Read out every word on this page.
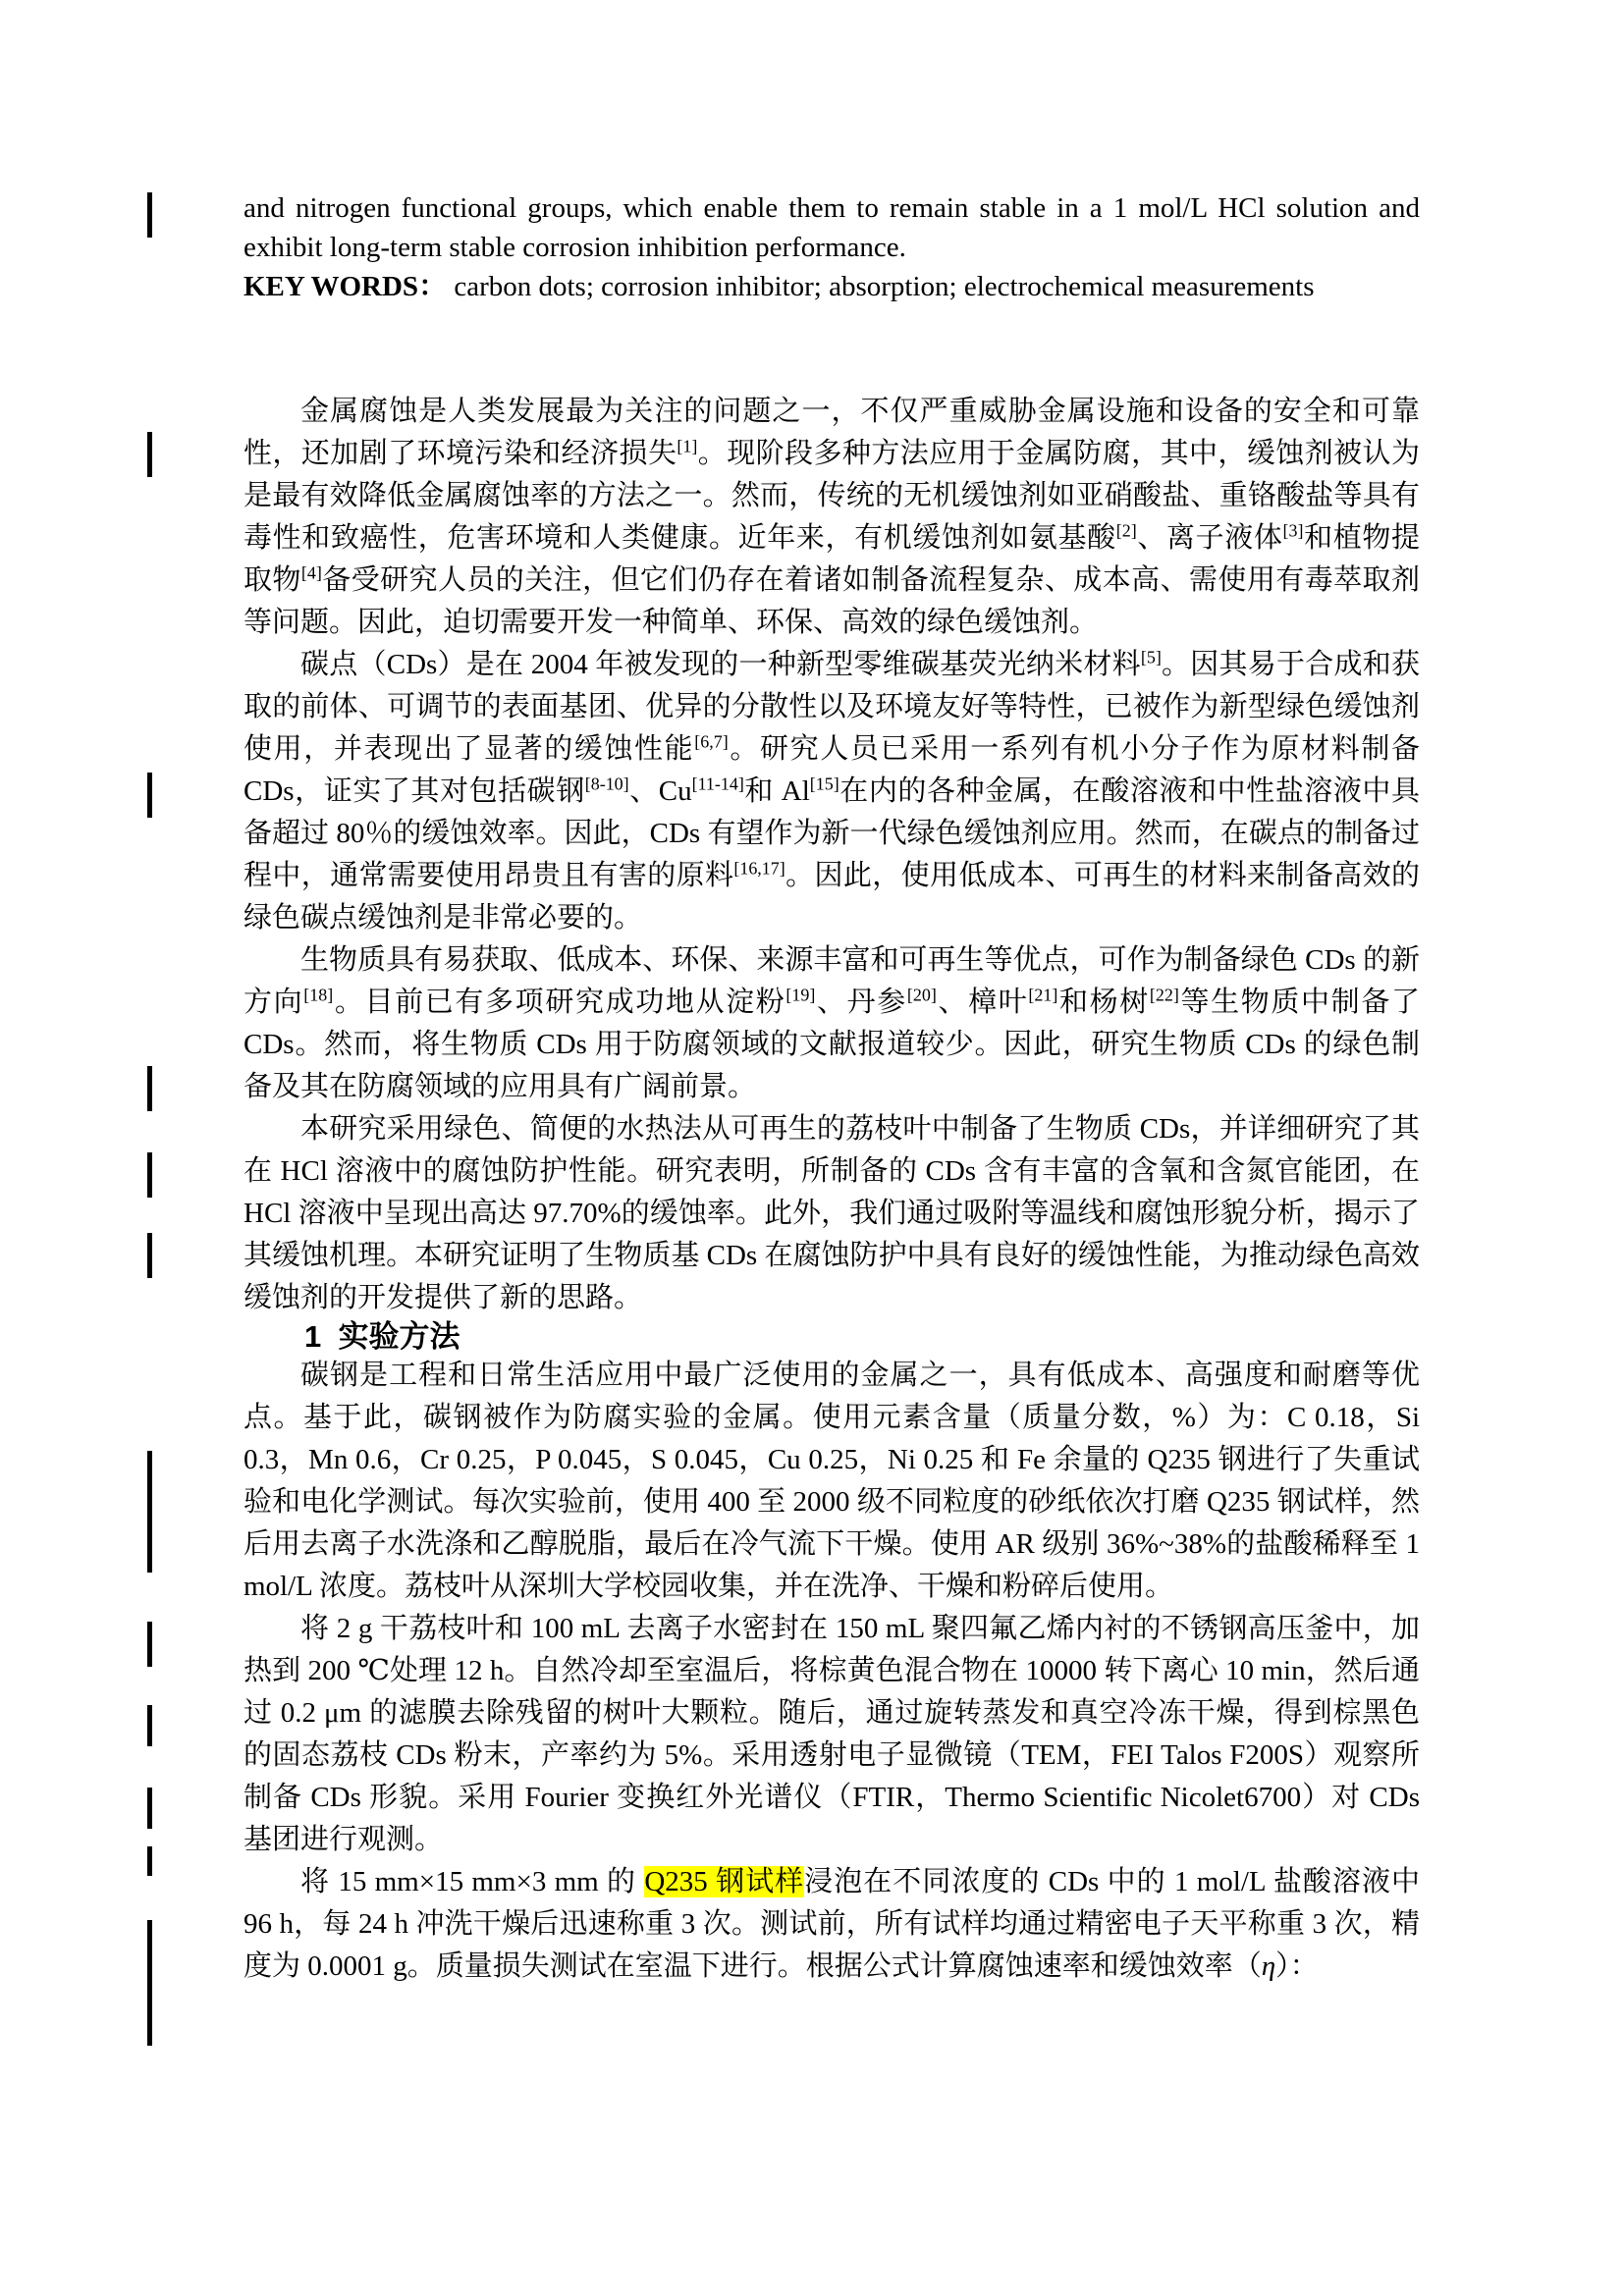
and nitrogen functional groups, which enable them to remain stable in a 1 mol/L HCl solution and exhibit long-term stable corrosion inhibition performance.

KEY WORDS： carbon dots; corrosion inhibitor; absorption; electrochemical measurements

金属腐蚀是人类发展最为关注的问题之一，不仅严重威胁金属设施和设备的安全和可靠性，还加剧了环境污染和经济损失[1]。现阶段多种方法应用于金属防腐，其中，缓蚀剂被认为是最有效降低金属腐蚀率的方法之一。然而，传统的无机缓蚀剂如亚硝酸盐、重铬酸盐等具有毒性和致癌性，危害环境和人类健康。近年来，有机缓蚀剂如氨基酸[2]、离子液体[3]和植物提取物[4]备受研究人员的关注，但它们仍存在着诸如制备流程复杂、成本高、需使用有毒萃取剂等问题。因此，迫切需要开发一种简单、环保、高效的绿色缓蚀剂。

碳点（CDs）是在 2004 年被发现的一种新型零维碳基荧光纳米材料[5]。因其易于合成和获取的前体、可调节的表面基团、优异的分散性以及环境友好等特性，已被作为新型绿色缓蚀剂使用，并表现出了显著的缓蚀性能[6,7]。研究人员已采用一系列有机小分子作为原材料制备 CDs，证实了其对包括碳钢[8-10]、Cu[11-14]和 Al[15]在内的各种金属，在酸溶液和中性盐溶液中具备超过 80％的缓蚀效率。因此，CDs 有望作为新一代绿色缓蚀剂应用。然而，在碳点的制备过程中，通常需要使用昂贵且有害的原料[16,17]。因此，使用低成本、可再生的材料来制备高效的绿色碳点缓蚀剂是非常必要的。

生物质具有易获取、低成本、环保、来源丰富和可再生等优点，可作为制备绿色 CDs 的新方向[18]。目前已有多项研究成功地从淀粉[19]、丹参[20]、樟叶[21]和杨树[22]等生物质中制备了 CDs。然而，将生物质 CDs 用于防腐领域的文献报道较少。因此，研究生物质 CDs 的绿色制备及其在防腐领域的应用具有广阔前景。

本研究采用绿色、简便的水热法从可再生的荔枝叶中制备了生物质 CDs，并详细研究了其在 HCl 溶液中的腐蚀防护性能。研究表明，所制备的 CDs 含有丰富的含氧和含氮官能团，在 HCl 溶液中呈现出高达 97.70%的缓蚀率。此外，我们通过吸附等温线和腐蚀形貌分析，揭示了其缓蚀机理。本研究证明了生物质基 CDs 在腐蚀防护中具有良好的缓蚀性能，为推动绿色高效缓蚀剂的开发提供了新的思路。

1  实验方法

碳钢是工程和日常生活应用中最广泛使用的金属之一，具有低成本、高强度和耐磨等优点。基于此，碳钢被作为防腐实验的金属。使用元素含量（质量分数，%）为：C 0.18，Si 0.3，Mn 0.6，Cr 0.25，P 0.045，S 0.045，Cu 0.25，Ni 0.25 和 Fe 余量的 Q235 钢进行了失重试验和电化学测试。每次实验前，使用 400 至 2000 级不同粒度的砂纸依次打磨 Q235 钢试样，然后用去离子水洗涤和乙醇脱脂，最后在冷气流下干燥。使用 AR 级别 36%~38%的盐酸稀释至 1 mol/L 浓度。荔枝叶从深圳大学校园收集，并在洗净、干燥和粉碎后使用。

将 2 g 干荔枝叶和 100 mL 去离子水密封在 150 mL 聚四氟乙烯内衬的不锈钢高压釜中，加热到 200 ℃处理 12 h。自然冷却至室温后，将棕黄色混合物在 10000 转下离心 10 min，然后通过 0.2 μm 的滤膜去除残留的树叶大颗粒。随后，通过旋转蒸发和真空冷冻干燥，得到棕黑色的固态荔枝 CDs 粉末，产率约为 5%。采用透射电子显微镜（TEM，FEI Talos F200S）观察所制备 CDs 形貌。采用 Fourier 变换红外光谱仪（FTIR，Thermo Scientific Nicolet6700）对 CDs 基团进行观测。

将 15 mm×15 mm×3 mm 的 Q235 钢试样浸泡在不同浓度的 CDs 中的 1 mol/L 盐酸溶液中 96 h，每 24 h 冲洗干燥后迅速称重 3 次。测试前，所有试样均通过精密电子天平称重 3 次，精度为 0.0001 g。质量损失测试在室温下进行。根据公式计算腐蚀速率和缓蚀效率（η）：
